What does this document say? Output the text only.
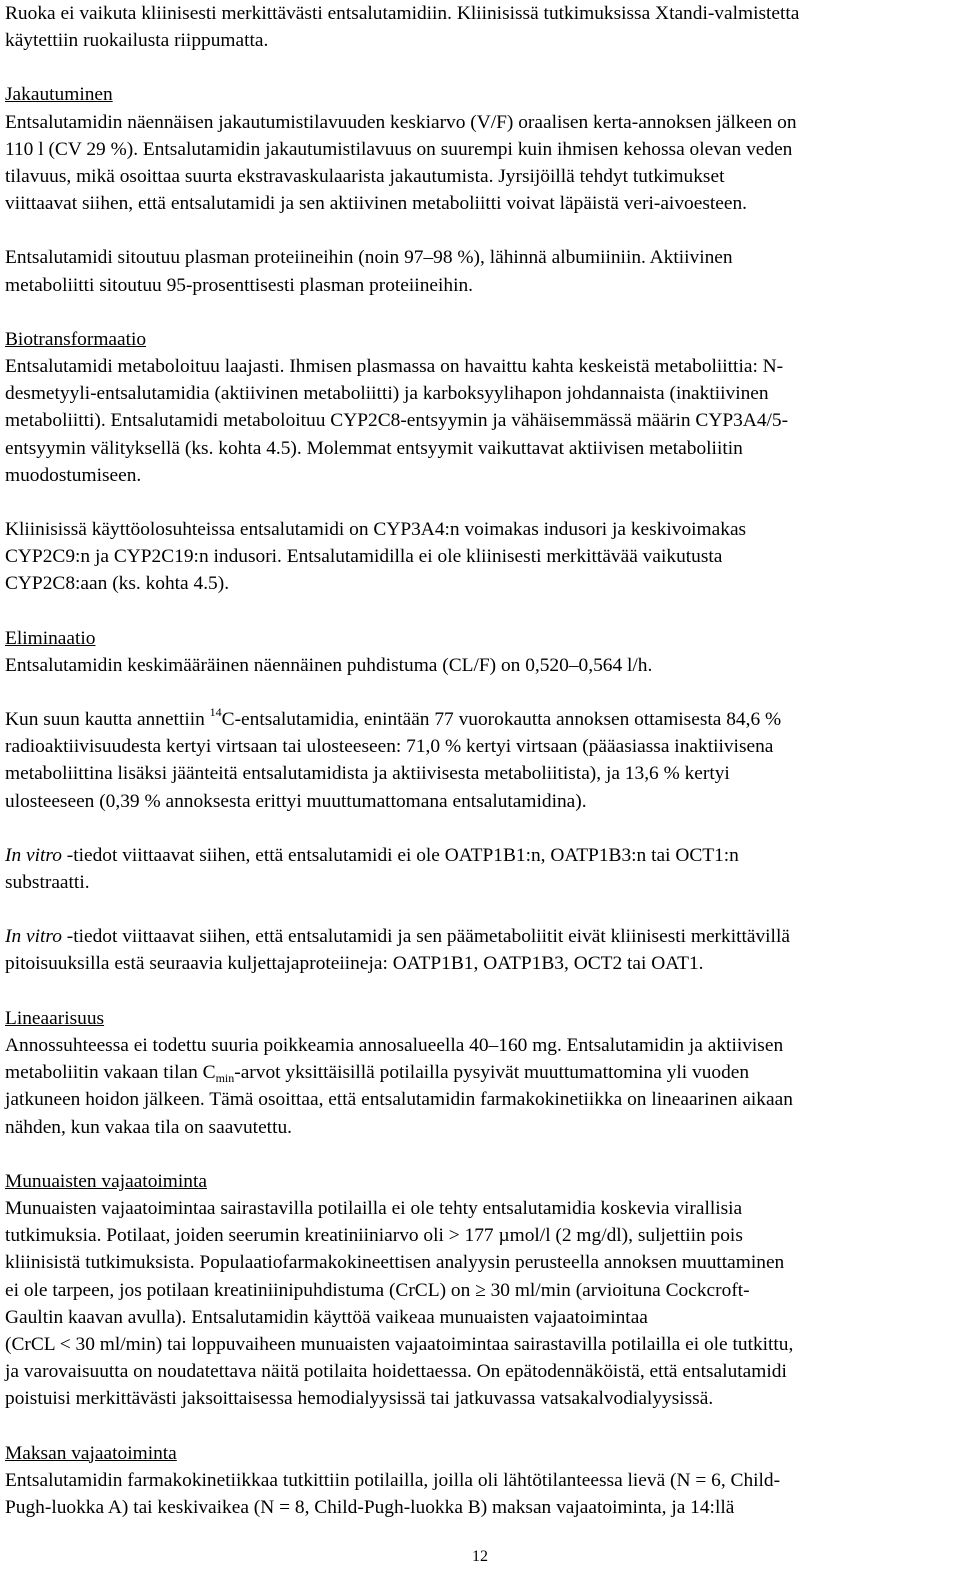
Ruoka ei vaikuta kliinisesti merkittävästi entsalutamidiin. Kliinisissä tutkimuksissa Xtandi-valmistetta
käytettiin ruokailusta riippumatta.

Jakautuminen

Entsalutamidin näennäisen jakautumistilavuuden keskiarvo (V/F) oraalisen kerta-annoksen jälkeen on
110 l (CV 29 %). Entsalutamidin jakautumistilavuus on suurempi kuin ihmisen kehossa olevan veden
tilavuus, mikä osoittaa suurta ekstravaskulaarista jakautumista. Jyrsijöillä tehdyt tutkimukset
viittaavat siihen, että entsalutamidi ja sen aktiivinen metaboliitti voivat läpäistä veri-aivoesteen.

Entsalutamidi sitoutuu plasman proteiineihin (noin 97–98 %), lähinnä albumiiniin. Aktiivinen
metaboliitti sitoutuu 95-prosenttisesti plasman proteiineihin.

Biotransformaatio

Entsalutamidi metaboloituu laajasti. Ihmisen plasmassa on havaittu kahta keskeistä metaboliittia: N-
desmetyyli-entsalutamidia (aktiivinen metaboliitti) ja karboksyylihapon johdannaista (inaktiivinen
metaboliitti). Entsalutamidi metaboloituu CYP2C8-entsyymin ja vähäisemmässä määrin CYP3A4/5-
entsyymin välityksellä (ks. kohta 4.5). Molemmat entsyymit vaikuttavat aktiivisen metaboliitin
muodostumiseen.

Kliinisissä käyttöolosuhteissa entsalutamidi on CYP3A4:n voimakas indusori ja keskivoimakas
CYP2C9:n ja CYP2C19:n indusori. Entsalutamidilla ei ole kliinisesti merkittävää vaikutusta
CYP2C8:aan (ks. kohta 4.5).

Eliminaatio

Entsalutamidin keskimääräinen näennäinen puhdistuma (CL/F) on 0,520–0,564 l/h.

Kun suun kautta annettiin $^{14}$C-entsalutamidia, enintään 77 vuorokautta annoksen ottamisesta 84,6 %
radioaktiivisuudesta kertyi virtsaan tai ulosteeseen: 71,0 % kertyi virtsaan (pääasiassa inaktiivisena
metaboliittina lisäksi jäänteitä entsalutamidista ja aktiivisesta metaboliitista), ja 13,6 % kertyi
ulosteeseen (0,39 % annoksesta erittyi muuttumattomana entsalutamidina).

In vitro -tiedot viittaavat siihen, että entsalutamidi ei ole OATP1B1:n, OATP1B3:n tai OCT1:n
substraatti.

In vitro -tiedot viittaavat siihen, että entsalutamidi ja sen päämetaboliitit eivät kliinisesti merkittävillä
pitoisuuksilla estä seuraavia kuljettajaproteiineja: OATP1B1, OATP1B3, OCT2 tai OAT1.

Lineaarisuus

Annossuhteessa ei todettu suuria poikkeamia annosalueella 40–160 mg. Entsalutamidin ja aktiivisen
metaboliitin vakaan tilan $C_{min}$-arvot yksittäisillä potilailla pysyivät muuttumattomina yli vuoden
jatkuneen hoidon jälkeen. Tämä osoittaa, että entsalutamidin farmakokinetiikka on lineaarinen aikaan
nähden, kun vakaa tila on saavutettu.

Munuaisten vajaatoiminta

Munuaisten vajaatoimintaa sairastavilla potilailla ei ole tehty entsalutamidia koskevia virallisia
tutkimuksia. Potilaat, joiden seerumin kreatiniiniarvo oli > 177 µmol/l (2 mg/dl), suljettiin pois
kliinisistä tutkimuksista. Populaatiofarmakokineettisen analyysin perusteella annoksen muuttaminen
ei ole tarpeen, jos potilaan kreatiniinipuhdistuma (CrCL) on ≥ 30 ml/min (arvioituna Cockcroft-
Gaultin kaavan avulla). Entsalutamidin käyttöä vaikeaa munuaisten vajaatoimintaa
(CrCL < 30 ml/min) tai loppuvaiheen munuaisten vajaatoimintaa sairastavilla potilailla ei ole tutkittu,
ja varovaisuutta on noudatettava näitä potilaita hoidettaessa. On epätodennäköistä, että entsalutamidi
poistuisi merkittävästi jaksoittaisessa hemodialyysissä tai jatkuvassa vatsakalvodialyysissä.

Maksan vajaatoiminta

Entsalutamidin farmakokinetiikkaa tutkittiin potilailla, joilla oli lähtötilanteessa lievä (N = 6, Child-
Pugh-luokka A) tai keskivaikea (N = 8, Child-Pugh-luokka B) maksan vajaatoiminta, ja 14:llä

12
